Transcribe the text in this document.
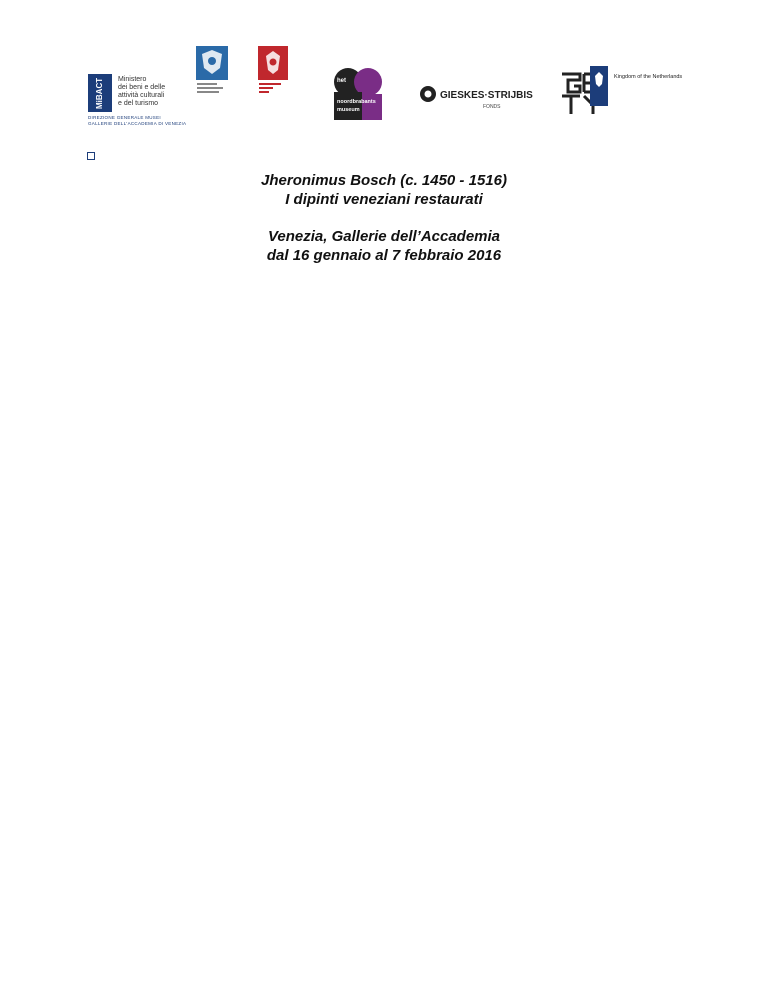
MiBACT	Ministero
dei beni e delle
attività culturali
e del turismo
DIREZIONE GENERALE MUSEI
GALLERIE DELL'ACCADEMIA DI VENEZIA
het
noordbrabants
museum
GIESKES·STRIJBIS
FONDS
Kingdom of the Netherlands
Jheronimus Bosch (c. 1450 - 1516)
I dipinti veneziani restaurati
Venezia, Gallerie dell’Accademia
dal 16 gennaio al 7 febbraio 2016
